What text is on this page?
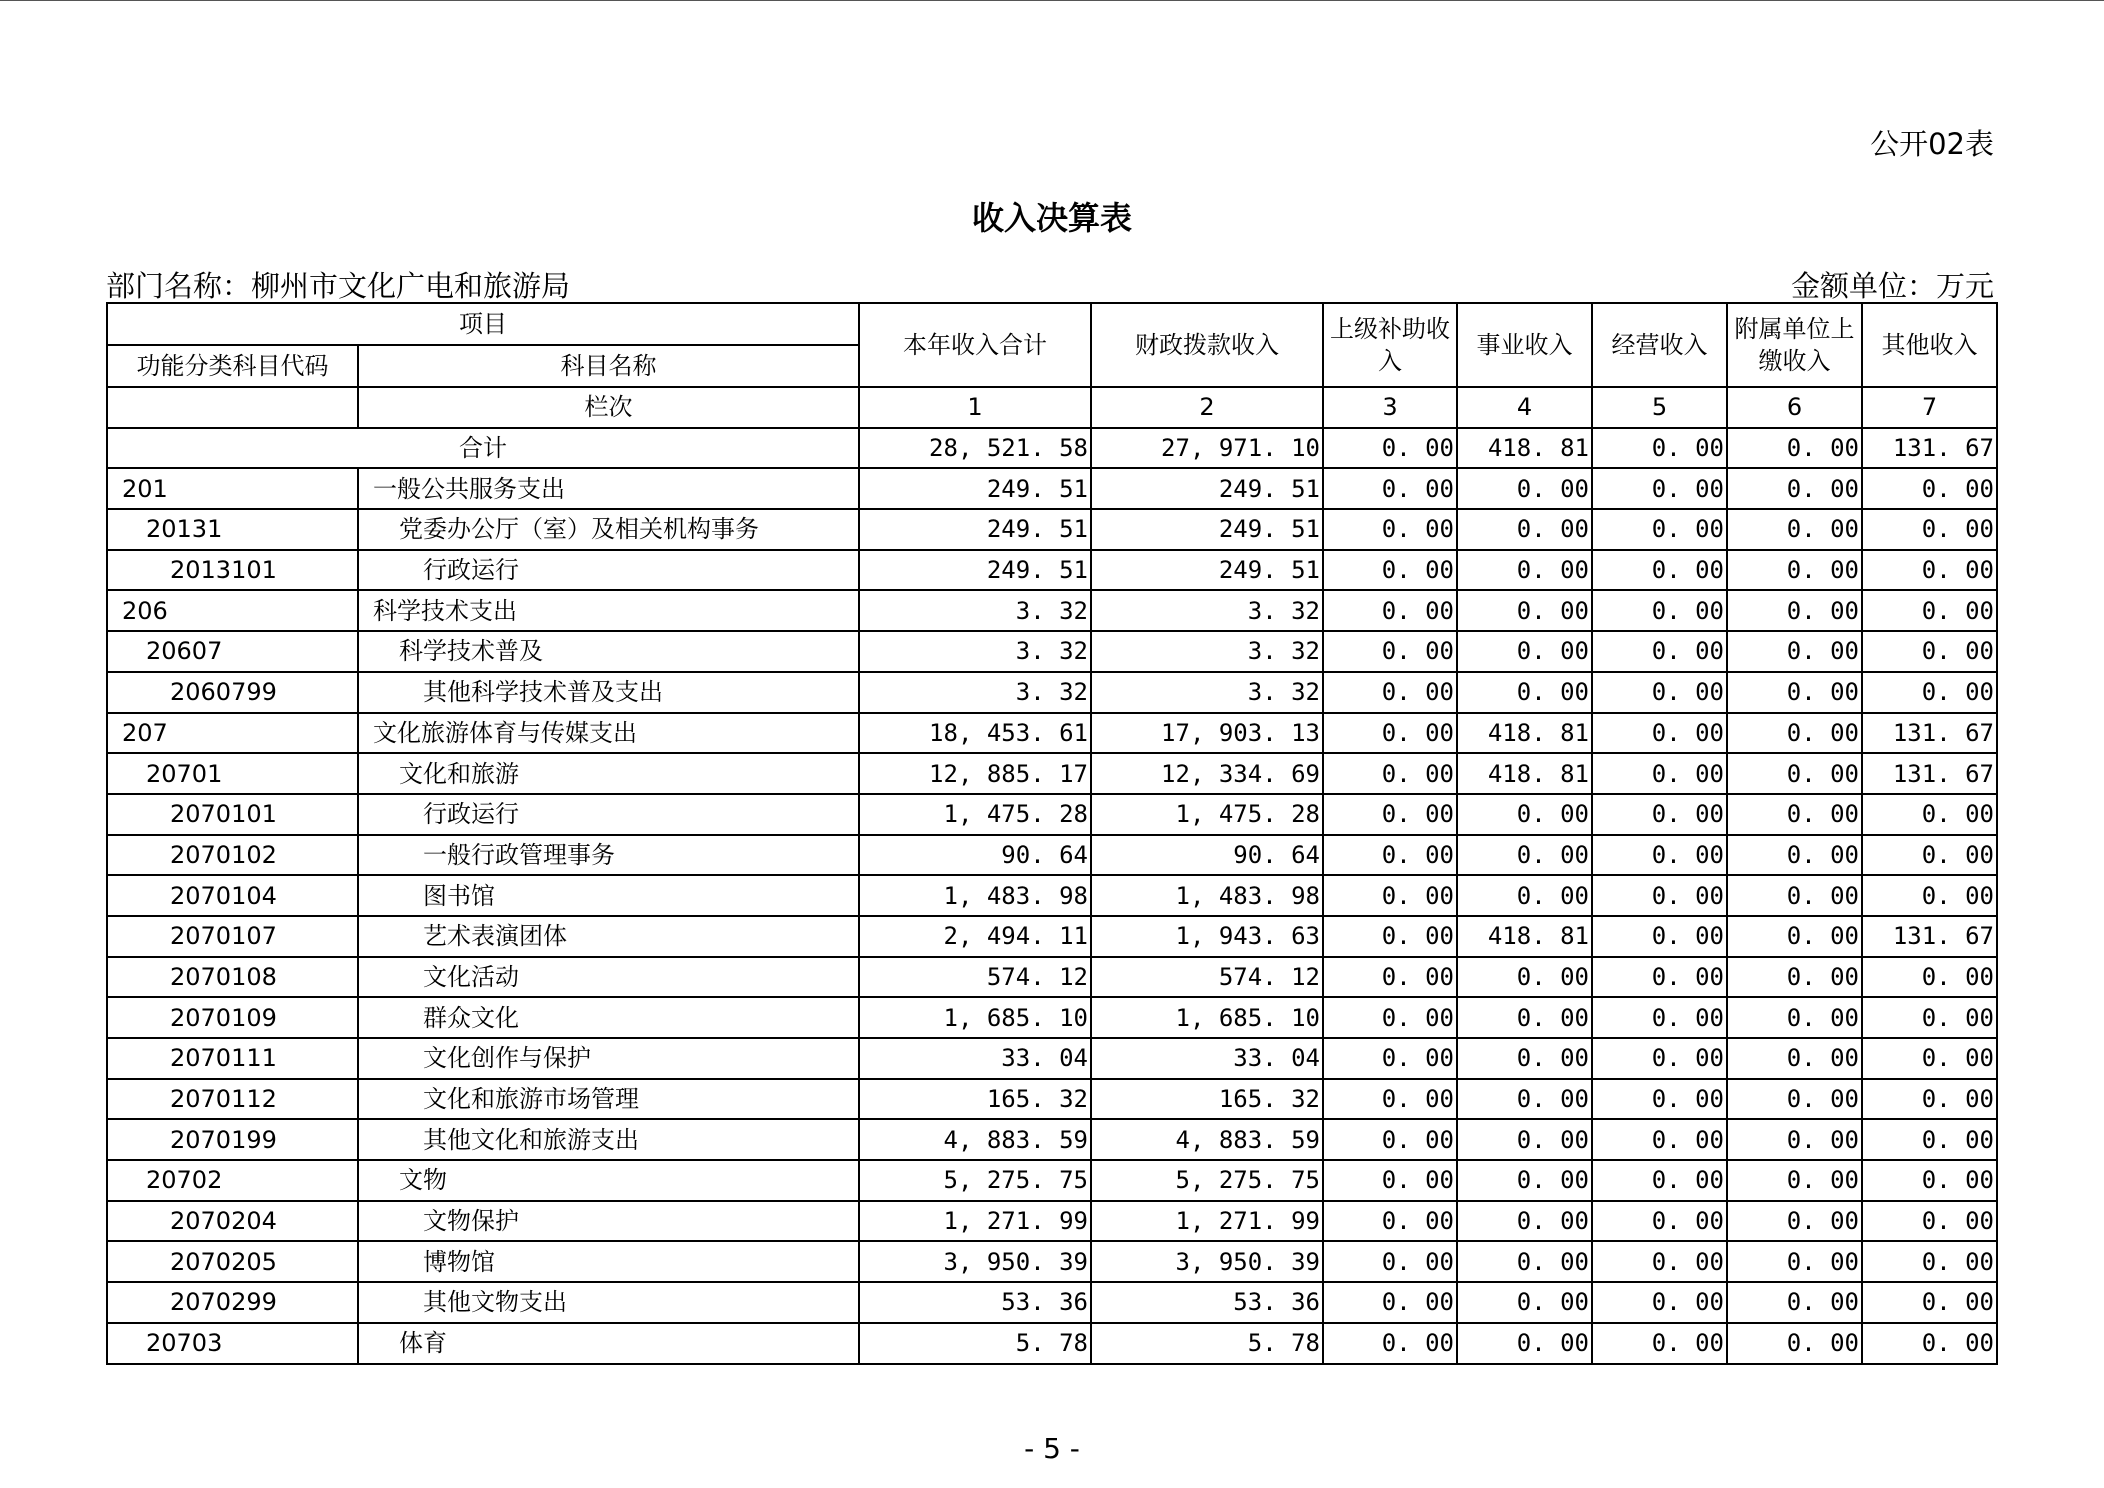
公开02表
收入决算表
部门名称：柳州市文化广电和旅游局	金额单位：万元
项目		本年收入合计	财政拨款收入	上级补助收入	事业收入	经营收入	附属单位上缴收入	其他收入
功能分类科目代码	科目名称							
	栏次	1	2	3	4	5	6	7
合计		28, 521. 58	27, 971. 10	0. 00	418. 81	0. 00	0. 00	131. 67
201	一般公共服务支出	249. 51	249. 51	0. 00	0. 00	0. 00	0. 00	0. 00
20131	党委办公厅（室）及相关机构事务	249. 51	249. 51	0. 00	0. 00	0. 00	0. 00	0. 00
2013101	行政运行	249. 51	249. 51	0. 00	0. 00	0. 00	0. 00	0. 00
206	科学技术支出	3. 32	3. 32	0. 00	0. 00	0. 00	0. 00	0. 00
20607	科学技术普及	3. 32	3. 32	0. 00	0. 00	0. 00	0. 00	0. 00
2060799	其他科学技术普及支出	3. 32	3. 32	0. 00	0. 00	0. 00	0. 00	0. 00
207	文化旅游体育与传媒支出	18, 453. 61	17, 903. 13	0. 00	418. 81	0. 00	0. 00	131. 67
20701	文化和旅游	12, 885. 17	12, 334. 69	0. 00	418. 81	0. 00	0. 00	131. 67
2070101	行政运行	1, 475. 28	1, 475. 28	0. 00	0. 00	0. 00	0. 00	0. 00
2070102	一般行政管理事务	90. 64	90. 64	0. 00	0. 00	0. 00	0. 00	0. 00
2070104	图书馆	1, 483. 98	1, 483. 98	0. 00	0. 00	0. 00	0. 00	0. 00
2070107	艺术表演团体	2, 494. 11	1, 943. 63	0. 00	418. 81	0. 00	0. 00	131. 67
2070108	文化活动	574. 12	574. 12	0. 00	0. 00	0. 00	0. 00	0. 00
2070109	群众文化	1, 685. 10	1, 685. 10	0. 00	0. 00	0. 00	0. 00	0. 00
2070111	文化创作与保护	33. 04	33. 04	0. 00	0. 00	0. 00	0. 00	0. 00
2070112	文化和旅游市场管理	165. 32	165. 32	0. 00	0. 00	0. 00	0. 00	0. 00
2070199	其他文化和旅游支出	4, 883. 59	4, 883. 59	0. 00	0. 00	0. 00	0. 00	0. 00
20702	文物	5, 275. 75	5, 275. 75	0. 00	0. 00	0. 00	0. 00	0. 00
2070204	文物保护	1, 271. 99	1, 271. 99	0. 00	0. 00	0. 00	0. 00	0. 00
2070205	博物馆	3, 950. 39	3, 950. 39	0. 00	0. 00	0. 00	0. 00	0. 00
2070299	其他文物支出	53. 36	53. 36	0. 00	0. 00	0. 00	0. 00	0. 00
20703	体育	5. 78	5. 78	0. 00	0. 00	0. 00	0. 00	0. 00
- 5 -
